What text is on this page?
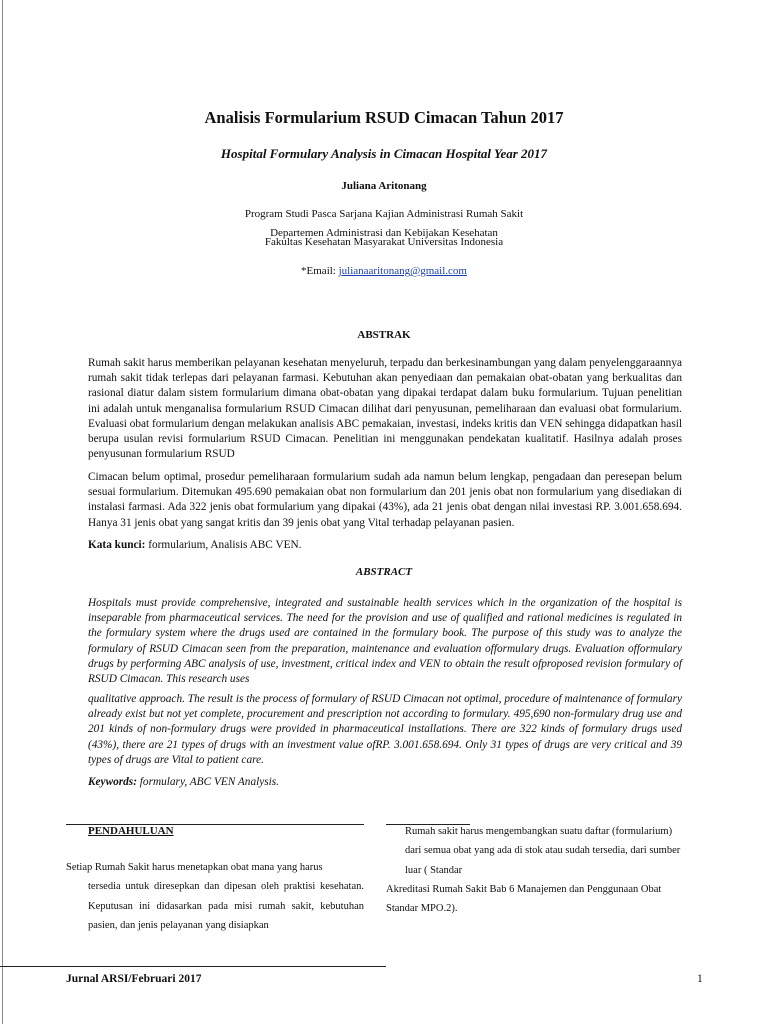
Analisis Formularium RSUD Cimacan Tahun 2017
Hospital Formulary Analysis in Cimacan Hospital Year 2017
Juliana Aritonang
Program Studi Pasca Sarjana Kajian Administrasi Rumah Sakit
Departemen Administrasi dan Kebijakan Kesehatan
Fakultas Kesehatan Masyarakat Universitas Indonesia
*Email: julianaaritonang@gmail.com
ABSTRAK

Rumah sakit harus memberikan pelayanan kesehatan menyeluruh, terpadu dan berkesinambungan yang dalam penyelenggaraannya rumah sakit tidak terlepas dari pelayanan farmasi. Kebutuhan akan penyediaan dan pemakaian obat-obatan yang berkualitas dan rasional diatur dalam sistem formularium dimana obat-obatan yang dipakai terdapat dalam buku formularium. Tujuan penelitian ini adalah untuk menganalisa formularium RSUD Cimacan dilihat dari penyusunan, pemeliharaan dan evaluasi obat formularium. Evaluasi obat formularium dengan melakukan analisis ABC pemakaian, investasi, indeks kritis dan VEN sehingga didapatkan hasil berupa usulan revisi formularium RSUD Cimacan. Penelitian ini menggunakan pendekatan kualitatif. Hasilnya adalah proses penyusunan formularium RSUD

Cimacan belum optimal, prosedur pemeliharaan formularium sudah ada namun belum lengkap, pengadaan dan peresepan belum sesuai formularium. Ditemukan 495.690 pemakaian obat non formularium dan 201 jenis obat non formularium yang disediakan di instalasi farmasi. Ada 322 jenis obat formularium yang dipakai (43%), ada 21 jenis obat dengan nilai investasi RP. 3.001.658.694. Hanya 31 jenis obat yang sangat kritis dan 39 jenis obat yang Vital terhadap pelayanan pasien.

Kata kunci: formularium, Analisis ABC VEN.
ABSTRACT

Hospitals must provide comprehensive, integrated and sustainable health services which in the organization of the hospital is inseparable from pharmaceutical services. The need for the provision and use of qualified and rational medicines is regulated in the formulary system where the drugs used are contained in the formulary book. The purpose of this study was to analyze the formulary of RSUD Cimacan seen from the preparation, maintenance and evaluation offormulary drugs. Evaluation offormulary drugs by performing ABC analysis of use, investment, critical index and VEN to obtain the result ofproposed revision formulary of RSUD Cimacan. This research uses

qualitative approach. The result is the process of formulary of RSUD Cimacan not optimal, procedure of maintenance of formulary already exist but not yet complete, procurement and prescription not according to formulary. 495,690 non-formulary drug use and 201 kinds of non-formulary drugs were provided in pharmaceutical installations. There are 322 kinds of formulary drugs used (43%), there are 21 types of drugs with an investment value ofRP. 3.001.658.694. Only 31 types of drugs are very critical and 39 types of drugs are Vital to patient care.

Keywords: formulary, ABC VEN Analysis.
PENDAHULUAN

Setiap Rumah Sakit harus menetapkan obat mana yang harus
tersedia untuk diresepkan dan dipesan oleh praktisi kesehatan. Keputusan ini didasarkan pada misi rumah sakit, kebutuhan pasien, dan jenis pelayanan yang disiapkan

Rumah sakit harus mengembangkan suatu daftar (formularium) dari semua obat yang ada di stok atau sudah tersedia, dari sumber luar ( Standar
Akreditasi Rumah Sakit Bab 6 Manajemen dan Penggunaan Obat Standar MPO.2).

Jurnal ARSI/Februari 2017	1
